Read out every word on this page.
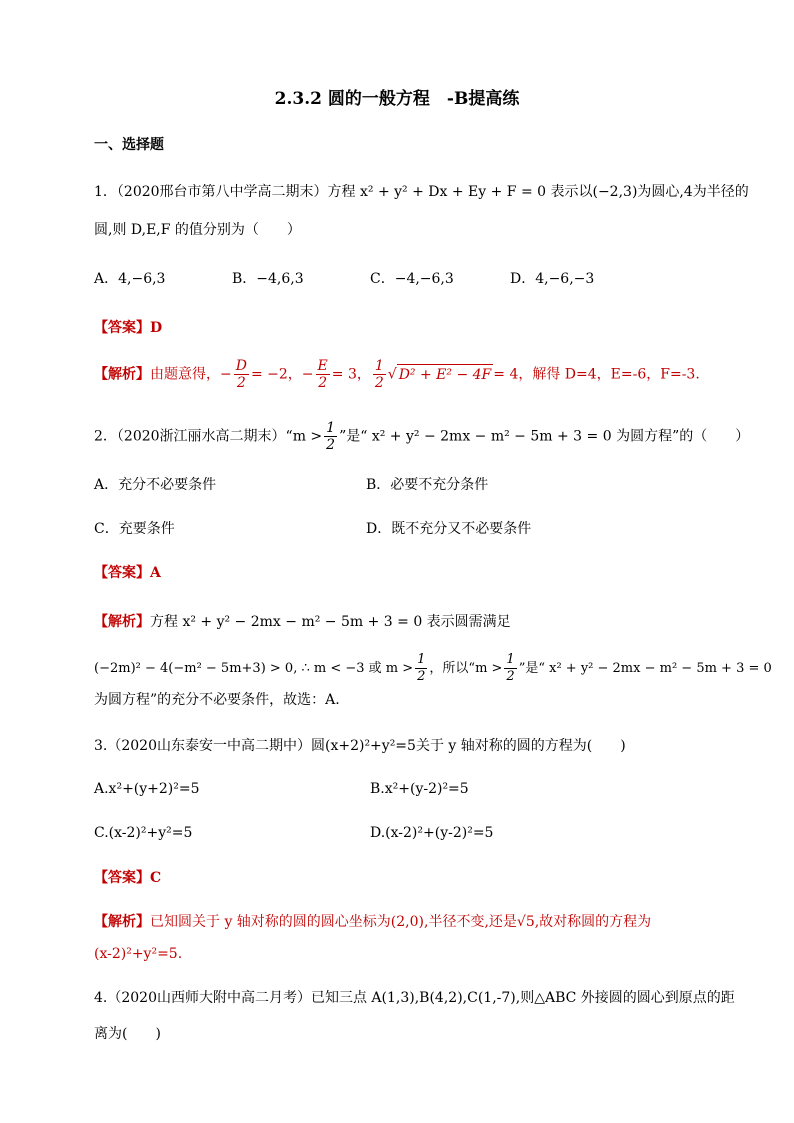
2.3.2 圆的一般方程　-B提高练
一、选择题
1．（2020邢台市第八中学高二期末）方程 x² + y² + Dx + Ey + F = 0 表示以(−2,3)为圆心,4为半径的
圆,则 D,E,F 的值分别为（　　）
A．4,−6,3	B．−4,6,3	C．−4,−6,3	D．4,−6,−3
【答案】D
【解析】由题意得，− $\frac{D}{2} = -2$，− $\frac{E}{2} = 3$， $\frac{1}{2}$ √ D² + E² − 4F = 4，解得 D=4，E=-6，F=-3.
2．（2020浙江丽水高二期末）“m > $\frac{1}{2}$ ”是“ x² + y² − 2mx − m² − 5m + 3 = 0 为圆方程”的（　　）
A．充分不必要条件	B．必要不充分条件
C．充要条件	D．既不充分又不必要条件
【答案】A
【解析】方程 x² + y² − 2mx − m² − 5m + 3 = 0 表示圆需满足
(−2m)² − 4(−m² − 5m+3) > 0, ∴ m < −3 或 $m > \frac{1}{2}$ ，所以“$m > \frac{1}{2}$ ”是“ x² + y² − 2mx − m² − 5m + 3 = 0
为圆方程”的充分不必要条件，故选：A.
3.（2020山东泰安一中高二期中）圆(x+2)²+y²=5关于 y 轴对称的圆的方程为(　　)
A.x²+(y+2)²=5	B.x²+(y-2)²=5
C.(x-2)²+y²=5	D.(x-2)²+(y-2)²=5
【答案】C
【解析】已知圆关于 y 轴对称的圆的圆心坐标为(2,0),半径不变,还是√5,故对称圆的方程为
(x-2)²+y²=5.
4.（2020山西师大附中高二月考）已知三点 A(1,3),B(4,2),C(1,-7),则△ABC 外接圆的圆心到原点的距
离为(　　)
